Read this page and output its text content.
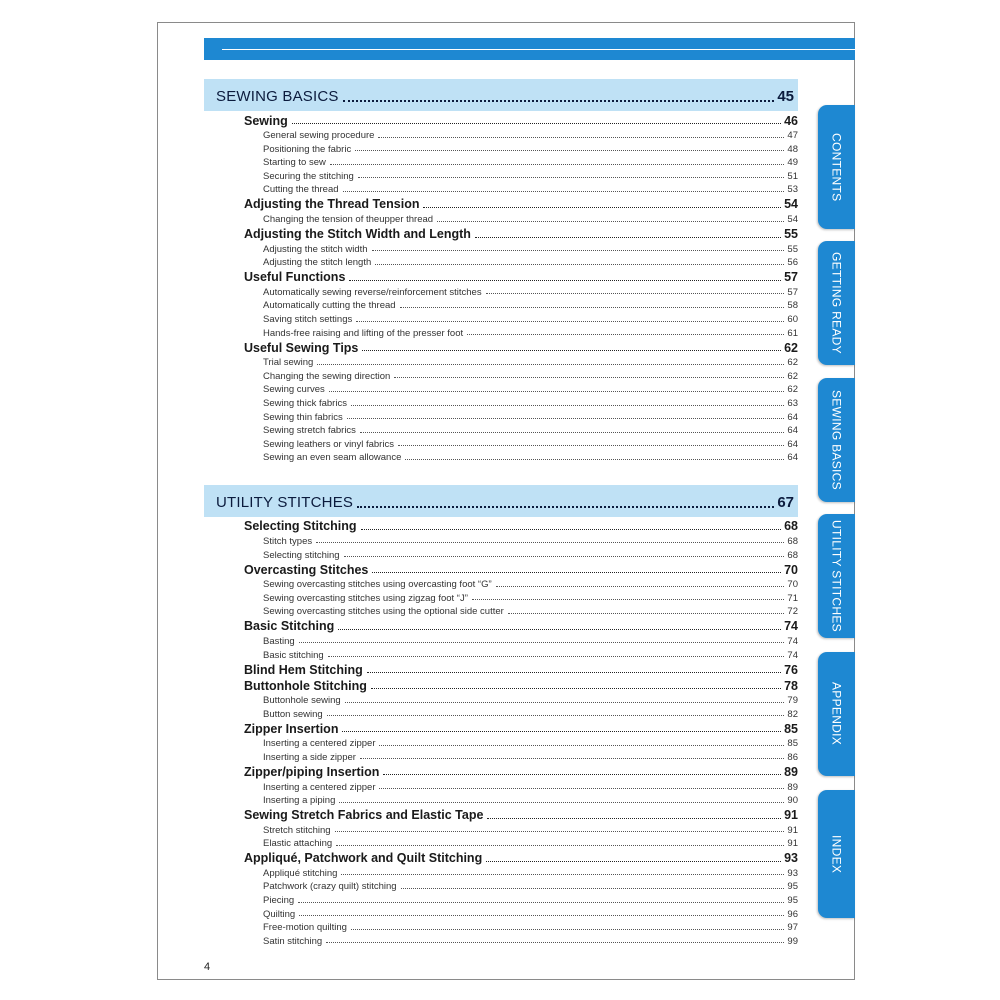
SEWING BASICS	45
Sewing	46
General sewing procedure	47
Positioning the fabric	48
Starting to sew	49
Securing the stitching	51
Cutting the thread	53
Adjusting the Thread Tension	54
Changing the tension of theupper thread	54
Adjusting the Stitch Width and Length	55
Adjusting the stitch width	55
Adjusting the stitch length	56
Useful Functions	57
Automatically sewing reverse/reinforcement stitches	57
Automatically cutting the thread	58
Saving stitch settings	60
Hands-free raising and lifting of the presser foot	61
Useful Sewing Tips	62
Trial sewing	62
Changing the sewing direction	62
Sewing curves	62
Sewing thick fabrics	63
Sewing thin fabrics	64
Sewing stretch fabrics	64
Sewing leathers or vinyl fabrics	64
Sewing an even seam allowance	64
UTILITY STITCHES	67
Selecting Stitching	68
Stitch types	68
Selecting stitching	68
Overcasting Stitches	70
Sewing overcasting stitches using overcasting foot “G”	70
Sewing overcasting stitches using zigzag foot “J”	71
Sewing overcasting stitches using the optional side cutter	72
Basic Stitching	74
Basting	74
Basic stitching	74
Blind Hem Stitching	76
Buttonhole Stitching	78
Buttonhole sewing	79
Button sewing	82
Zipper Insertion	85
Inserting a centered zipper	85
Inserting a side zipper	86
Zipper/piping Insertion	89
Inserting a centered zipper	89
Inserting a piping	90
Sewing Stretch Fabrics and Elastic Tape	91
Stretch stitching	91
Elastic attaching	91
Appliqué, Patchwork and Quilt Stitching	93
Appliqué stitching	93
Patchwork (crazy quilt) stitching	95
Piecing	95
Quilting	96
Free-motion quilting	97
Satin stitching	99
4
CONTENTS
GETTING READY
SEWING BASICS
UTILITY STITCHES
APPENDIX
INDEX
